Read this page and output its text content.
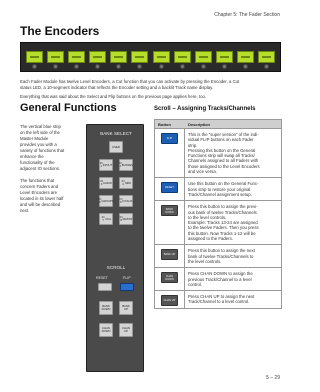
Chapter 5: The Fader Section
The Encoders
Each Fader Module has twelve Level Encoders, a Cut function that you can activate by pressing the Encoder, a Cut
status LED, a 10-segment indicator that reflects the Encoder setting and a backlit Track name display.
Everything that was said about the Select and Flip buttons on the previous page applies here, too.
General Functions	Scroll – Assigning Tracks/Channels
The vertical blue strip
on the left side of the
Master Module
provides you with a
variety of functions that
enhance the
functionality of the
adjacent IO sections.
The functions that
concern Faders and
Level Encoders are
located in its lower half
and will be described
next.
BANK SELECT
USER
IO 1 IN/OUT IO 2 BUSSES
IO 3 AUDIO	IO 4 MIDI
IO 5 GROUPS IO 6 FX/AUX
IO 7 VCA	IO 8 MASTR
SCROLL
RESET	FLIP
BANK DOWN
BANK UP
CHAN DOWN
CHAN UP
Button	Description
FLIP
This is the “super version” of the indi-
vidual FLIP buttons on each Fader
strip.
Pressing this button on the General
Functions strip will swap all Tracks/
Channels assigned to all Faders with
those assigned to the Level Encoders
and vice versa.
RESET
Use this button on the General Func-
tions strip to restore your original
Track/Channel assignment setup.
BANK DOWN
Press this button to assign the previ-
ous bank of twelve Tracks/Channels
to the level controls.
Example: Tracks 13-24 are assigned
to the twelve Faders. Then you press
this button. Now Tracks 1-12 will be
assigned to the Faders.
BANK UP
Press this button to assign the next
bank of twelve Tracks/Channels to
the level controls.
CHAN DOWN
Press CHAN DOWN to assign the
previous Track/Channel to a level
control.
CHAN UP
Press CHAN UP to assign the next
Track/Channel to a level control.
5 – 29
